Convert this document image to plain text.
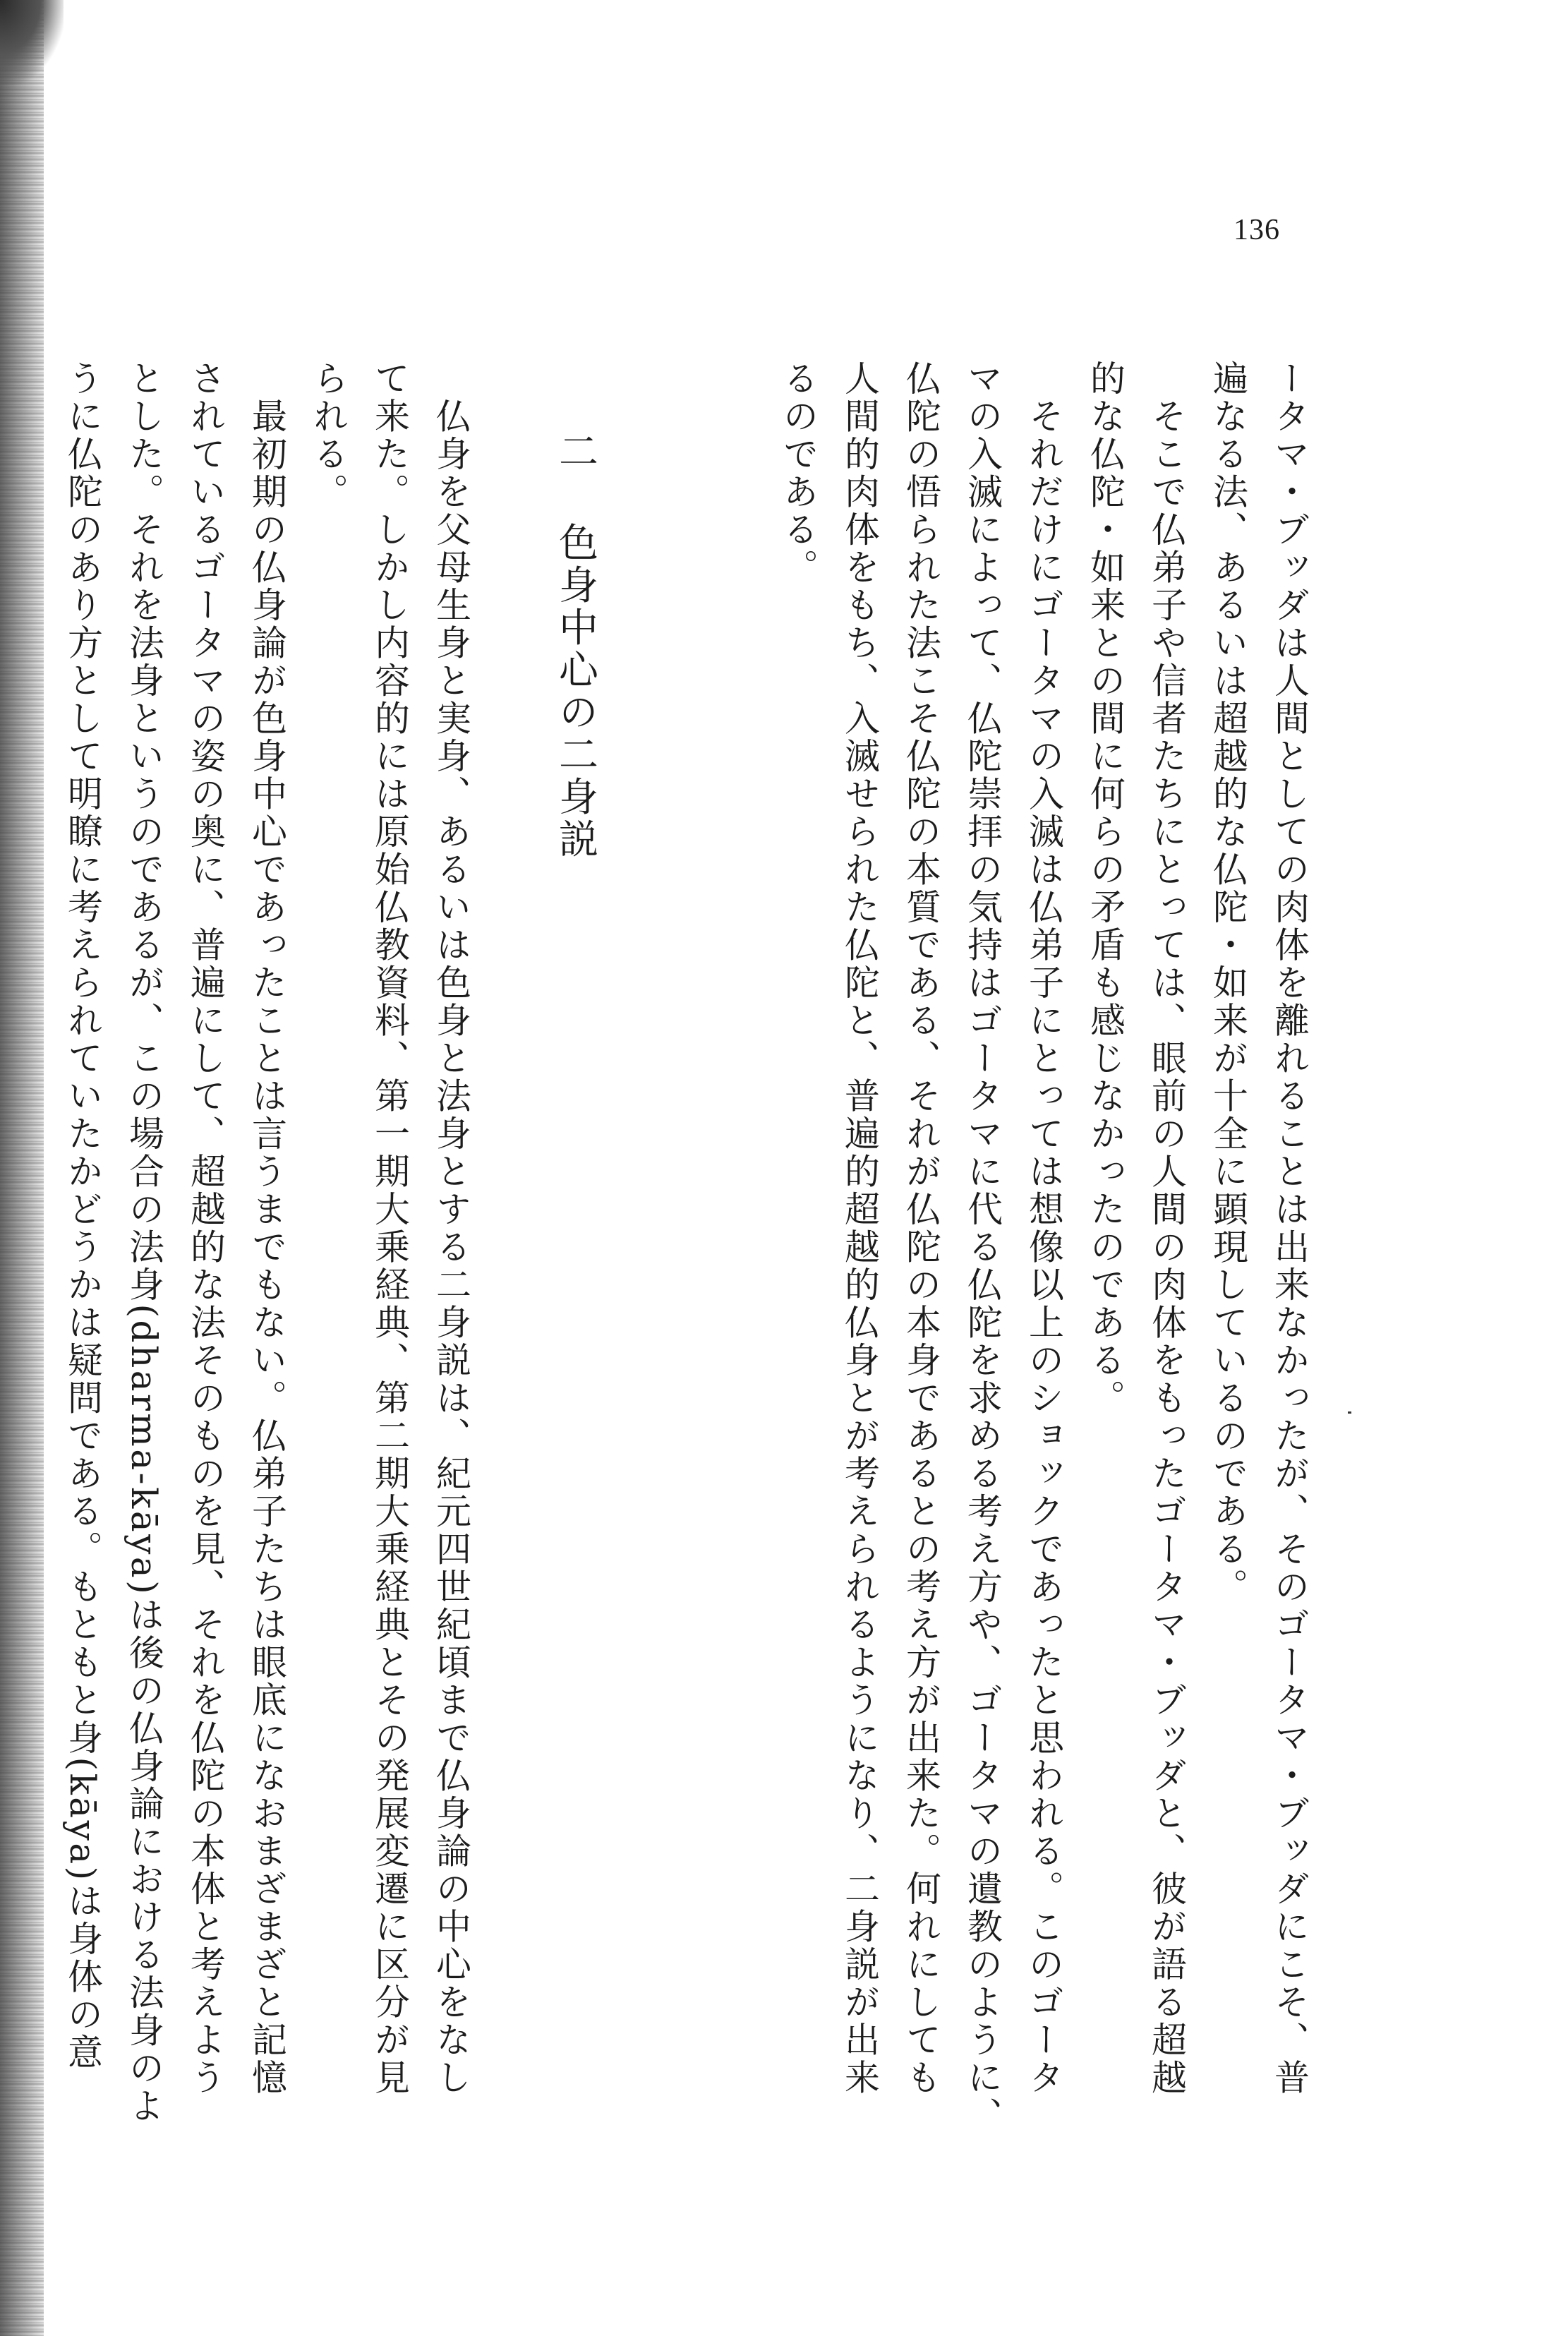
136
ータマ・ブッダは人間としての肉体を離れることは出来なかったが、そのゴータマ・ブッダにこそ、普
遍なる法、あるいは超越的な仏陀・如来が十全に顕現しているのである。
　そこで仏弟子や信者たちにとっては、眼前の人間の肉体をもったゴータマ・ブッダと、彼が語る超越
的な仏陀・如来との間に何らの矛盾も感じなかったのである。
　それだけにゴータマの入滅は仏弟子にとっては想像以上のショックであったと思われる。このゴータ
マの入滅によって、仏陀崇拝の気持はゴータマに代る仏陀を求める考え方や、ゴータマの遺教のように、
仏陀の悟られた法こそ仏陀の本質である、それが仏陀の本身であるとの考え方が出来た。何れにしても
人間的肉体をもち、入滅せられた仏陀と、普遍的超越的仏身とが考えられるようになり、二身説が出来
るのである。
二 色身中心の二身説
　仏身を父母生身と実身、あるいは色身と法身とする二身説は、紀元四世紀頃まで仏身論の中心をなし
て来た。しかし内容的には原始仏教資料、第一期大乗経典、第二期大乗経典とその発展変遷に区分が見
られる。
　最初期の仏身論が色身中心であったことは言うまでもない。仏弟子たちは眼底になおまざまざと記憶
されているゴータマの姿の奥に、普遍にして、超越的な法そのものを見、それを仏陀の本体と考えよう
とした。それを法身というのであるが、この場合の法身(dharma-kāya)は後の仏身論における法身のよ
うに仏陀のあり方として明瞭に考えられていたかどうかは疑問である。もともと身(kāya)は身体の意
